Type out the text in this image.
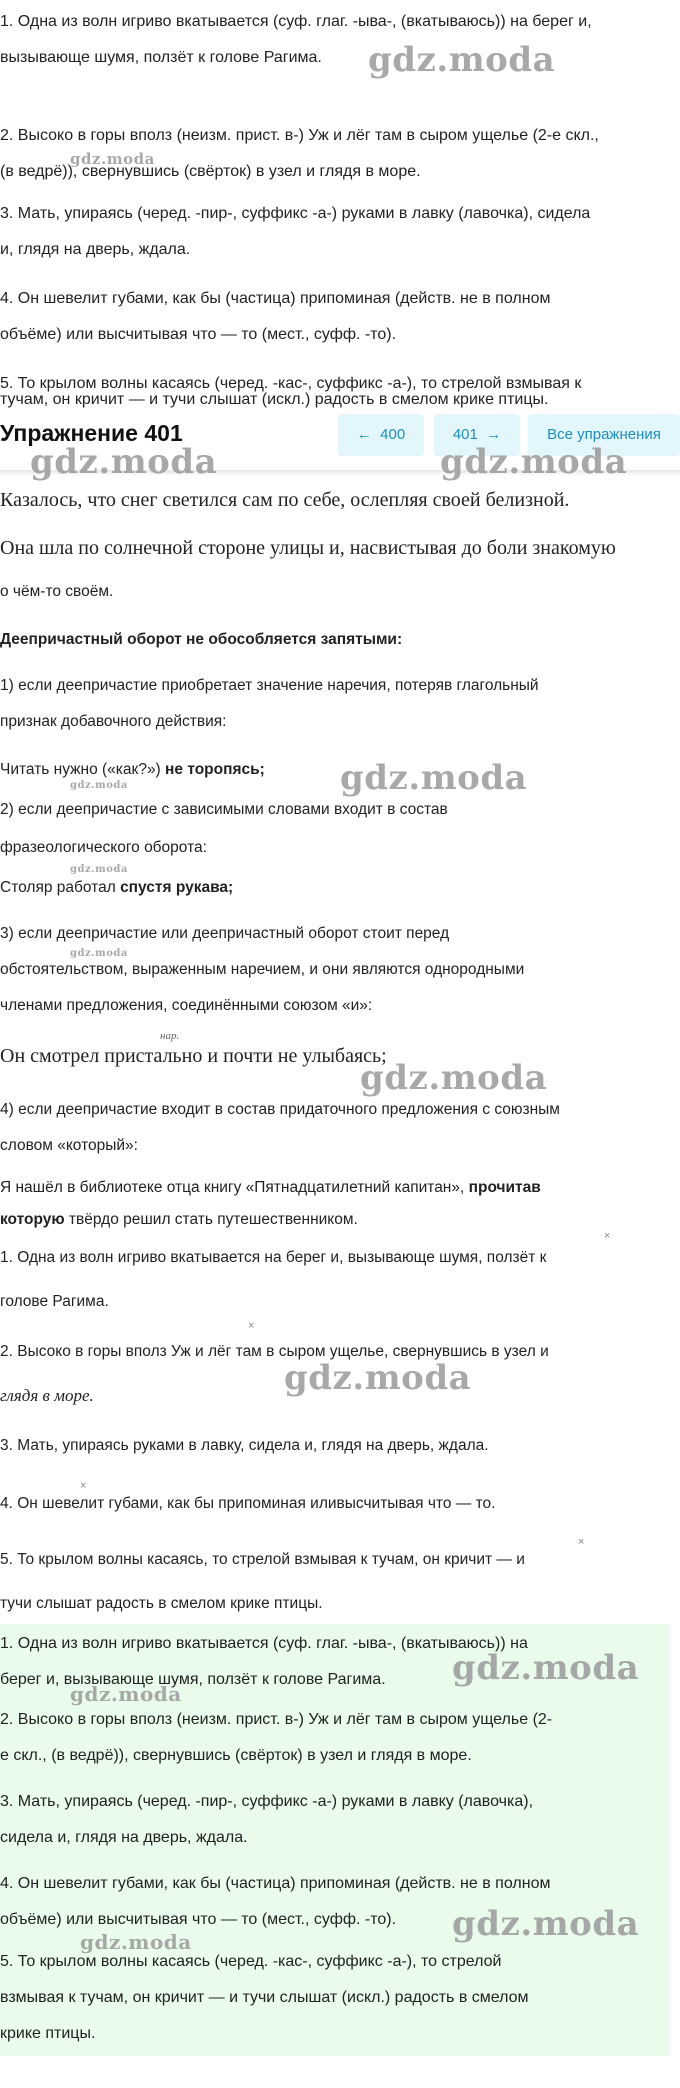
1. Одна из волн игриво вкатывается (суф. глаг. -ыва-, (вкатываюсь)) на берег и,

вызывающе шумя, ползёт к голове Рагима.

2. Высоко в горы вполз (неизм. прист. в-) Уж и лёг там в сыром ущелье (2-е скл.,

(в ведрё)), свернувшись (свёрток) в узел и глядя в море.

3. Мать, упираясь (черед. -пир-, суффикс -а-) руками в лавку (лавочка), сидела

и, глядя на дверь, ждала.

4. Он шевелит губами, как бы (частица) припоминая (действ. не в полном

объёме) или высчитывая что — то (мест., суфф. -то).

5. То крылом волны касаясь (черед. -кас-, суффикс -а-), то стрелой взмывая к

тучам, он кричит — и тучи слышат (искл.) радость в смелом крике птицы.

Упражнение 401	←  400	401  →	Все упражнения

Казалось, что снег светился сам по себе, ослепляя своей белизной.

Она шла по солнечной стороне улицы и, насвистывая до боли знакомую

о чём-то своём.

Деепричастный оборот не обособляется запятыми:

1) если деепричастие приобретает значение наречия, потеряв глагольный

признак добавочного действия:

Читать нужно («как?») не торопясь;

2) если деепричастие с зависимыми словами входит в состав

фразеологического оборота:

Столяр работал спустя рукава;

3) если деепричастие или деепричастный оборот стоит перед

обстоятельством, выраженным наречием, и они являются однородными

членами предложения, соединёнными союзом «и»:

нар.

Он смотрел пристально и почти не улыбаясь;

4) если деепричастие входит в состав придаточного предложения с союзным

словом «который»:

Я нашёл в библиотеке отца книгу «Пятнадцатилетний капитан», прочитав

которую твёрдо решил стать путешественником.

1. Одна из волн игриво вкатывается на берег и, вызывающе шумя, ползёт к

голове Рагима.

2. Высоко в горы вполз Уж и лёг там в сыром ущелье, свернувшись в узел и

глядя в море.

3. Мать, упираясь руками в лавку, сидела и, глядя на дверь, ждала.

4. Он шевелит губами, как бы припоминая иливысчитывая что — то.

5. То крылом волны касаясь, то стрелой взмывая к тучам, он кричит — и

тучи слышат радость в смелом крике птицы.

×
×
×
×

1. Одна из волн игриво вкатывается (суф. глаг. -ыва-, (вкатываюсь)) на

берег и, вызывающе шумя, ползёт к голове Рагима.

2. Высоко в горы вполз (неизм. прист. в-) Уж и лёг там в сыром ущелье (2-

е скл., (в ведрё)), свернувшись (свёрток) в узел и глядя в море.

3. Мать, упираясь (черед. -пир-, суффикс -а-) руками в лавку (лавочка),

сидела и, глядя на дверь, ждала.

4. Он шевелит губами, как бы (частица) припоминая (действ. не в полном

объёме) или высчитывая что — то (мест., суфф. -то).

5. То крылом волны касаясь (черед. -кас-, суффикс -а-), то стрелой

взмывая к тучам, он кричит — и тучи слышат (искл.) радость в смелом

крике птицы.

gdz.moda
gdz.moda
gdz.moda	gdz.moda
gdz.moda
gdz.moda
gdz.moda
gdz.moda
gdz.moda
gdz.moda
gdz.moda
gdz.moda
gdz.moda
gdz.moda
